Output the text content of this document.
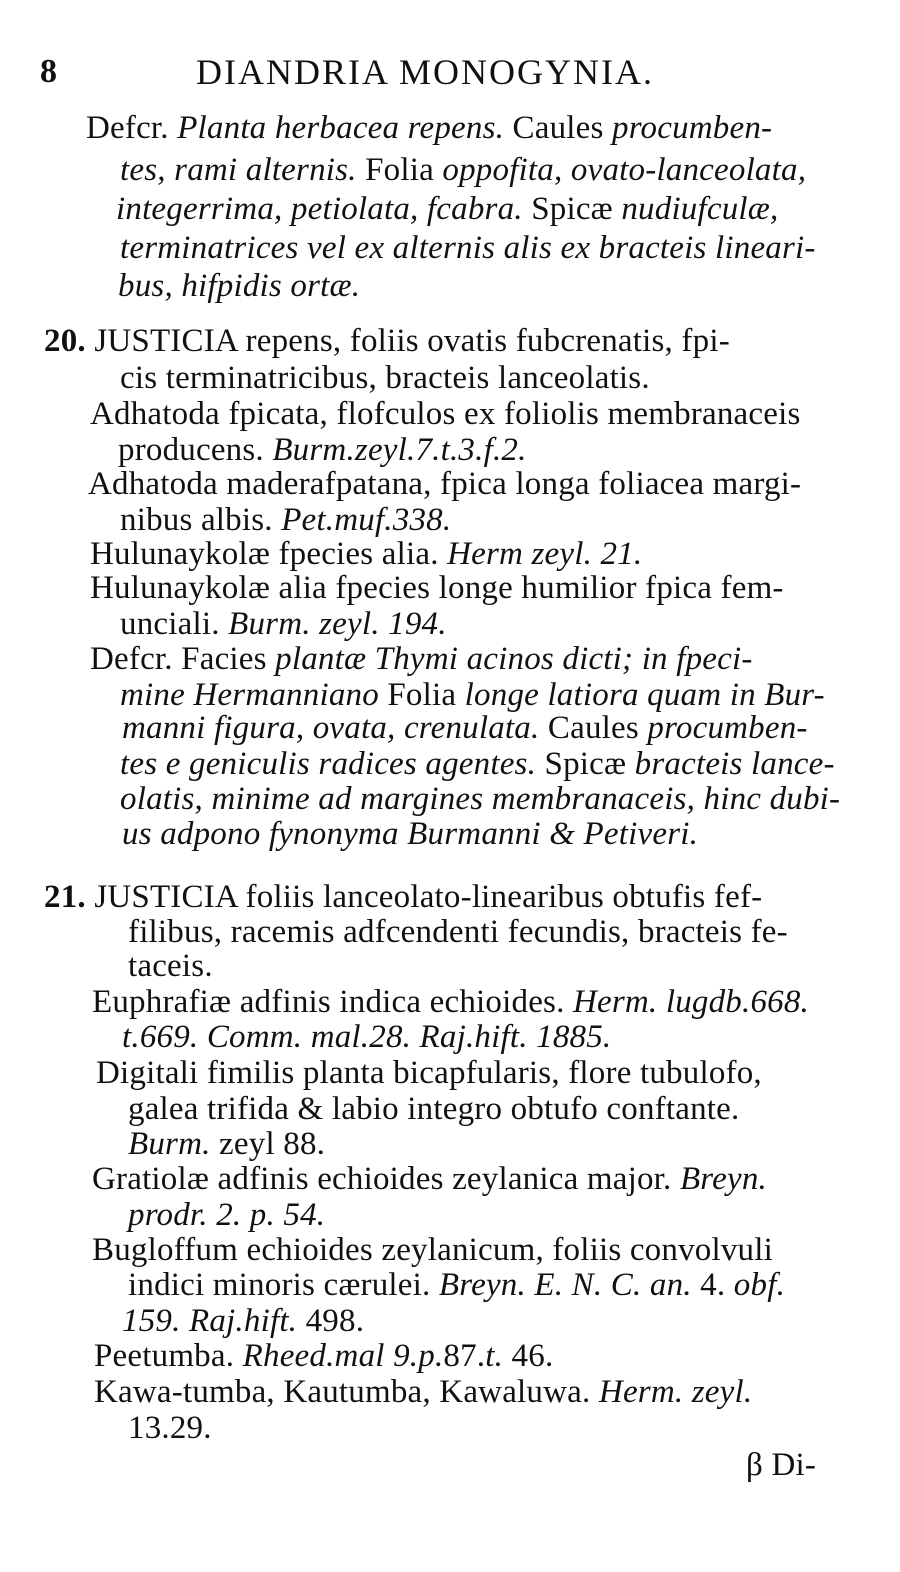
8	DIANDRIA MONOGYNIA.
Defcr. Planta herbacea repens. Caules procumben-
tes, rami alternis. Folia oppofita, ovato-lanceolata,
integerrima, petiolata, fcabra. Spicæ nudiufculæ,
terminatrices vel ex alternis alis ex bracteis lineari-
bus, hifpidis ortæ.
20. JUSTICIA repens, foliis ovatis fubcrenatis, fpi-
cis terminatricibus, bracteis lanceolatis.
Adhatoda fpicata, flofculos ex foliolis membranaceis
producens. Burm.zeyl.7.t.3.f.2.
Adhatoda maderafpatana, fpica longa foliacea margi-
nibus albis. Pet.muf.338.
Hulunaykolæ fpecies alia. Herm zeyl. 21.
Hulunaykolæ alia fpecies longe humilior fpica fem-
unciali. Burm. zeyl. 194.
Defcr. Facies plantæ Thymi acinos dicti; in fpeci-
mine Hermanniano Folia longe latiora quam in Bur-
manni figura, ovata, crenulata. Caules procumben-
tes e geniculis radices agentes. Spicæ bracteis lance-
olatis, minime ad margines membranaceis, hinc dubi-
us adpono fynonyma Burmanni & Petiveri.
21. JUSTICIA foliis lanceolato-linearibus obtufis fef-
filibus, racemis adfcendenti fecundis, bracteis fe-
taceis.
Euphrafiæ adfinis indica echioides. Herm. lugdb.668.
t.669. Comm. mal.28. Raj.hift. 1885.
Digitali fimilis planta bicapfularis, flore tubulofo,
galea trifida & labio integro obtufo conftante.
Burm. zeyl 88.
Gratiolæ adfinis echioides zeylanica major. Breyn.
prodr. 2. p. 54.
Bugloffum echioides zeylanicum, foliis convolvuli
indici minoris cærulei. Breyn. E. N. C. an. 4. obf.
159. Raj.hift. 498.
Peetumba. Rheed.mal 9.p.87.t. 46.
Kawa-tumba, Kautumba, Kawaluwa. Herm. zeyl.
13.29.
β Di-
